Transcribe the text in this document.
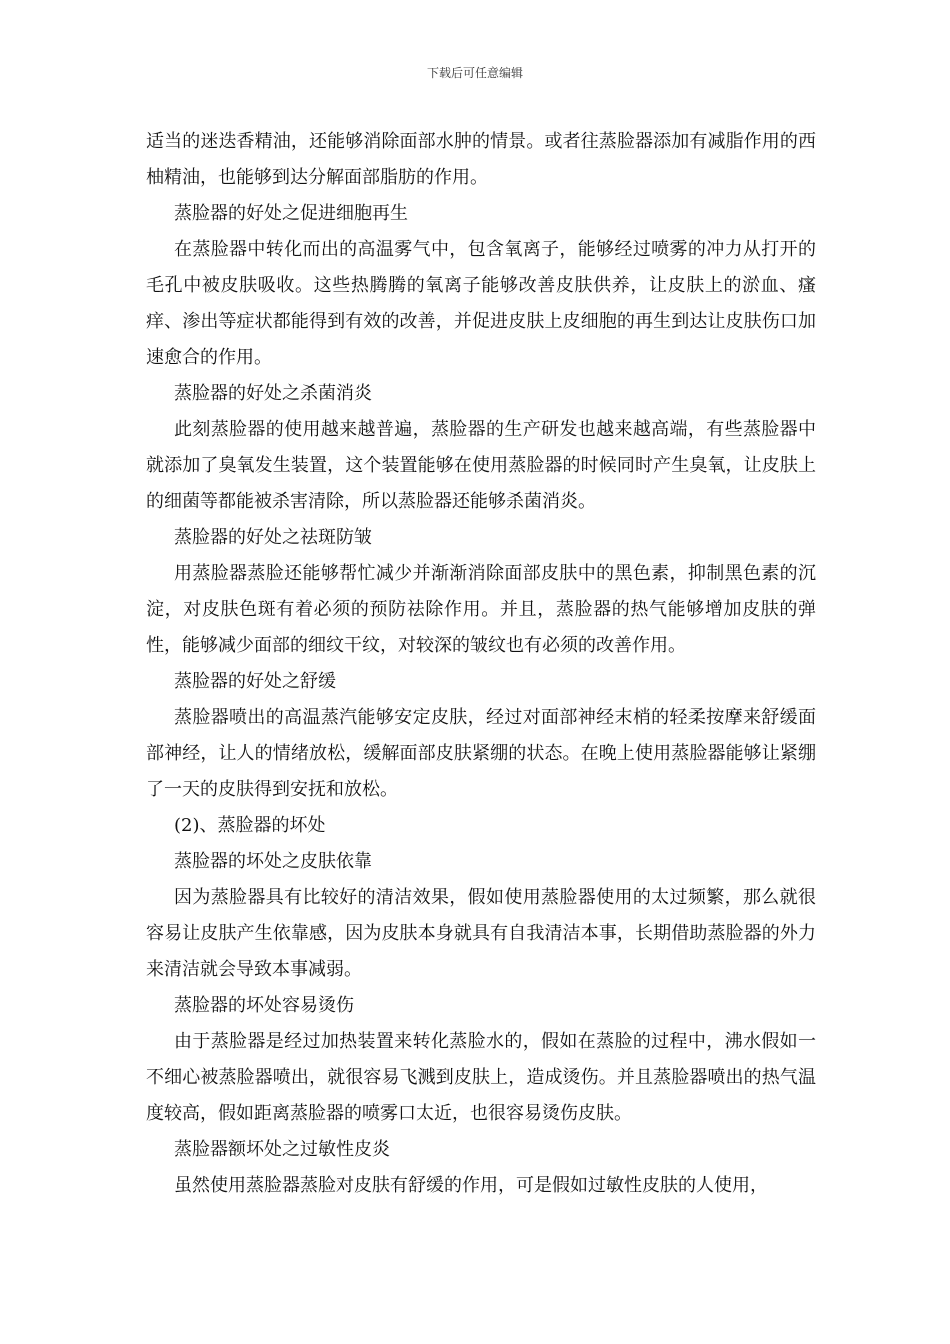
下载后可任意编辑

适当的迷迭香精油，还能够消除面部水肿的情景。或者往蒸脸器添加有减脂作用的西柚精油，也能够到达分解面部脂肪的作用。

蒸脸器的好处之促进细胞再生

在蒸脸器中转化而出的高温雾气中，包含氧离子，能够经过喷雾的冲力从打开的毛孔中被皮肤吸收。这些热腾腾的氧离子能够改善皮肤供养，让皮肤上的淤血、瘙痒、渗出等症状都能得到有效的改善，并促进皮肤上皮细胞的再生到达让皮肤伤口加速愈合的作用。

蒸脸器的好处之杀菌消炎

此刻蒸脸器的使用越来越普遍，蒸脸器的生产研发也越来越高端，有些蒸脸器中就添加了臭氧发生装置，这个装置能够在使用蒸脸器的时候同时产生臭氧，让皮肤上的细菌等都能被杀害清除，所以蒸脸器还能够杀菌消炎。

蒸脸器的好处之祛斑防皱

用蒸脸器蒸脸还能够帮忙减少并渐渐消除面部皮肤中的黑色素，抑制黑色素的沉淀，对皮肤色斑有着必须的预防祛除作用。并且，蒸脸器的热气能够增加皮肤的弹性，能够减少面部的细纹干纹，对较深的皱纹也有必须的改善作用。

蒸脸器的好处之舒缓

蒸脸器喷出的高温蒸汽能够安定皮肤，经过对面部神经末梢的轻柔按摩来舒缓面部神经，让人的情绪放松，缓解面部皮肤紧绷的状态。在晚上使用蒸脸器能够让紧绷了一天的皮肤得到安抚和放松。

(2)、蒸脸器的坏处

蒸脸器的坏处之皮肤依靠

因为蒸脸器具有比较好的清洁效果，假如使用蒸脸器使用的太过频繁，那么就很容易让皮肤产生依靠感，因为皮肤本身就具有自我清洁本事，长期借助蒸脸器的外力来清洁就会导致本事减弱。

蒸脸器的坏处容易烫伤

由于蒸脸器是经过加热装置来转化蒸脸水的，假如在蒸脸的过程中，沸水假如一不细心被蒸脸器喷出，就很容易飞溅到皮肤上，造成烫伤。并且蒸脸器喷出的热气温度较高，假如距离蒸脸器的喷雾口太近，也很容易烫伤皮肤。

蒸脸器额坏处之过敏性皮炎

虽然使用蒸脸器蒸脸对皮肤有舒缓的作用，可是假如过敏性皮肤的人使用，
